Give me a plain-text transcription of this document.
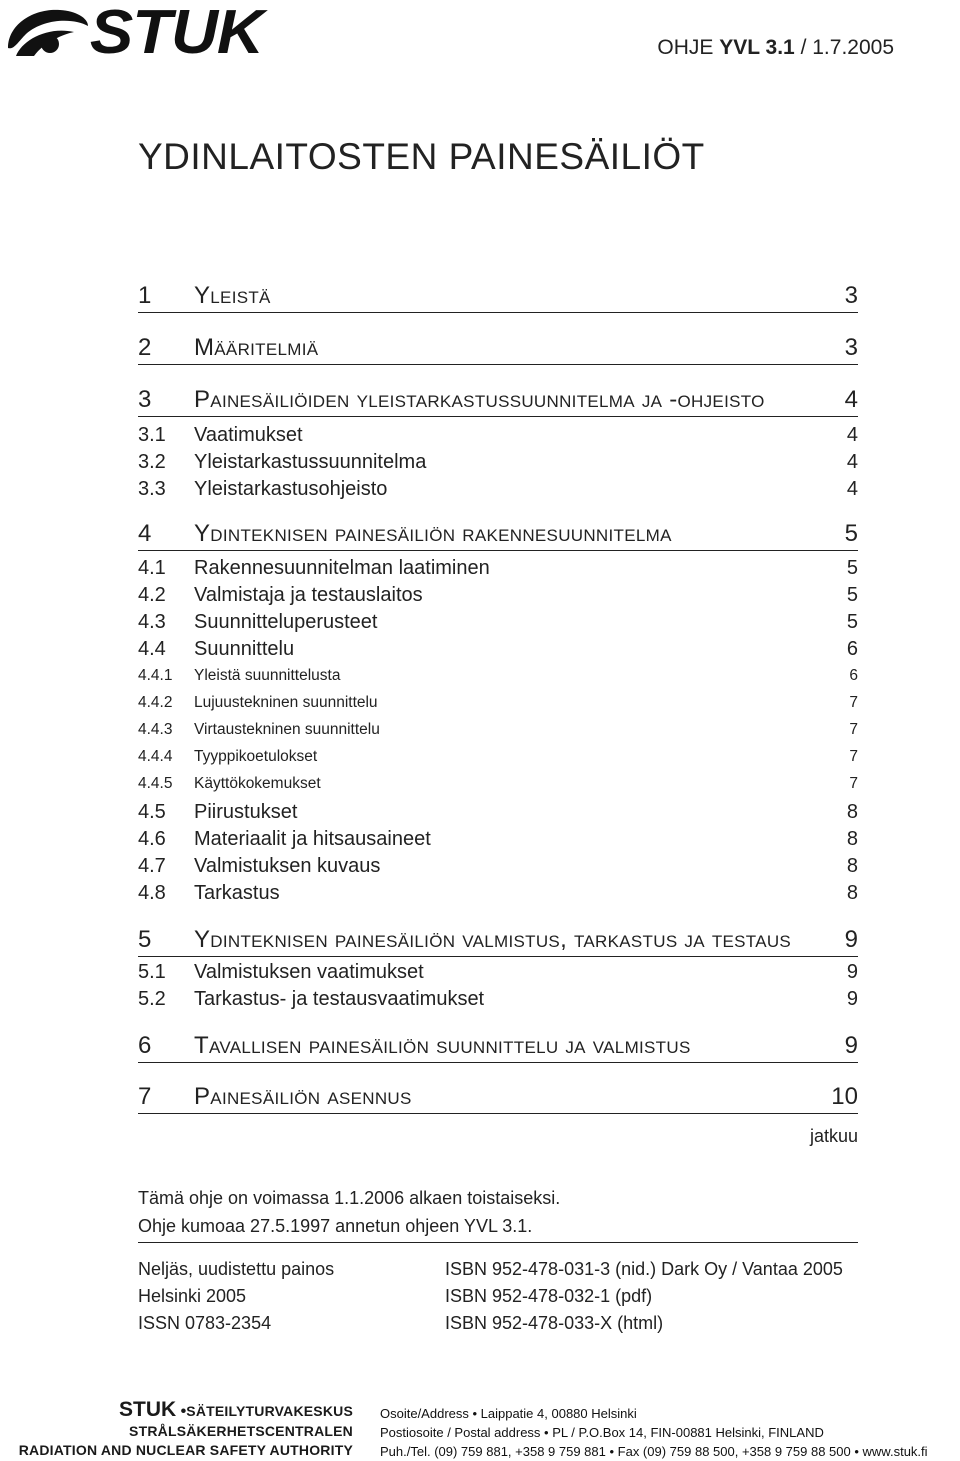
STUK	OHJE YVL 3.1 / 1.7.2005
YDINLAITOSTEN PAINESÄILIÖT
1	Yleistä	3
2	Määritelmiä	3
3	Painesäiliöiden yleistarkastussuunnitelma ja -ohjeisto	4
3.1	Vaatimukset	4
3.2	Yleistarkastussuunnitelma	4
3.3	Yleistarkastusohjeisto	4
4	Ydinteknisen painesäiliön rakennesuunnitelma	5
4.1	Rakennesuunnitelman laatiminen	5
4.2	Valmistaja ja testauslaitos	5
4.3	Suunnitteluperusteet	5
4.4	Suunnittelu	6
4.4.1	Yleistä suunnittelusta	6
4.4.2	Lujuustekninen suunnittelu	7
4.4.3	Virtaustekninen suunnittelu	7
4.4.4	Tyyppikoetulokset	7
4.4.5	Käyttökokemukset	7
4.5	Piirustukset	8
4.6	Materiaalit ja hitsausaineet	8
4.7	Valmistuksen kuvaus	8
4.8	Tarkastus	8
5	Ydinteknisen painesäiliön valmistus, tarkastus ja testaus 9
5.1	Valmistuksen vaatimukset	9
5.2	Tarkastus- ja testausvaatimukset	9
6	Tavallisen painesäiliön suunnittelu ja valmistus	9
7	Painesäiliön asennus	10
jatkuu
Tämä ohje on voimassa 1.1.2006 alkaen toistaiseksi.
Ohje kumoaa 27.5.1997 annetun ohjeen YVL 3.1.
Neljäs, uudistettu painos
Helsinki 2005
ISSN 0783-2354
ISBN 952-478-031-3 (nid.) Dark Oy / Vantaa 2005
ISBN 952-478-032-1 (pdf)
ISBN 952-478-033-X (html)
STUK •SÄTEILYTURVAKESKUS
STRÅLSÄKERHETSCENTRALEN
RADIATION AND NUCLEAR SAFETY AUTHORITY
Osoite/Address • Laippatie 4, 00880 Helsinki
Postiosoite / Postal address • PL / P.O.Box 14, FIN-00881 Helsinki, FINLAND
Puh./Tel. (09) 759 881, +358 9 759 881 • Fax (09) 759 88 500, +358 9 759 88 500 • www.stuk.fi
